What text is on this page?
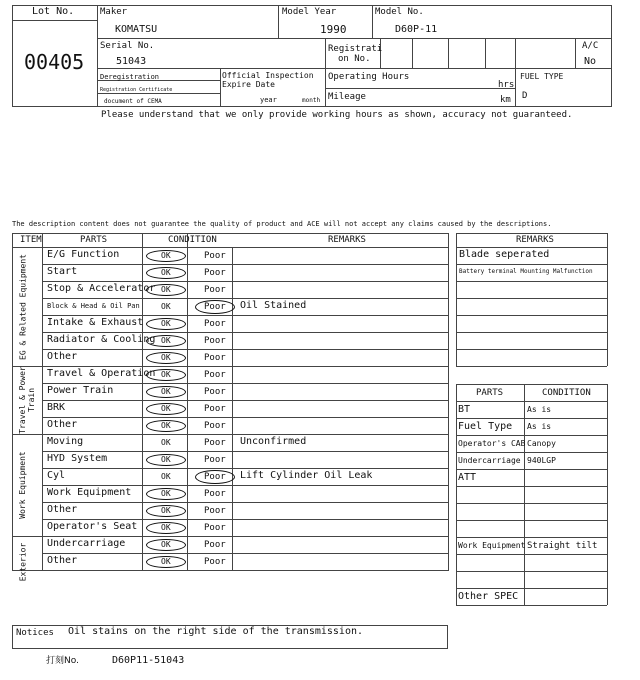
Lot No.
00405
Maker
KOMATSU
Model Year
1990
Model No.
D60P-11
Serial No.
51043
Registrati
on No.
A/C
No
Deregistration
Registration Certificate
document of CEMA
Official Inspection
Expire Date
year	month
Operating Hours
hrs
Mileage	km
FUEL TYPE
D
Please understand that we only provide working hours as shown, accuracy not guaranteed.
The description content does not guarantee the quality of product and ACE will not accept any claims caused by the descriptions.
ITEM	PARTS	CONDITION	REMARKS
EG & Related Equipment
Travel & Power Train
Work Equipment
Exterior
E/G Function	OK	Poor
Start	OK	Poor
Stop & Accelerator OK	Poor
Block & Head & Oil Pan	OK	Poor Oil Stained
Intake & Exhaust OK	Poor
Radiator & Cooling OK	Poor
Other	OK	Poor
Travel & Operation OK	Poor
Power Train	OK	Poor
BRK	OK	Poor
Other	OK	Poor
Moving	OK	Poor Unconfirmed
HYD System	OK	Poor
Cyl	OK	Poor Lift Cylinder Oil Leak
Work Equipment	OK	Poor
Other	OK	Poor
Operator's Seat	OK	Poor
Undercarriage	OK	Poor
Other	OK	Poor
REMARKS
Blade seperated
Battery terminal Mounting Malfunction
PARTS	CONDITION
BT	As is
Fuel Type As is
Operator's CAB Canopy
Undercarriage 940LGP
ATT
Work Equipment Straight tilt
Other SPEC
Notices Oil stains on the right side of the transmission.
打刻No.	D60P11-51043
